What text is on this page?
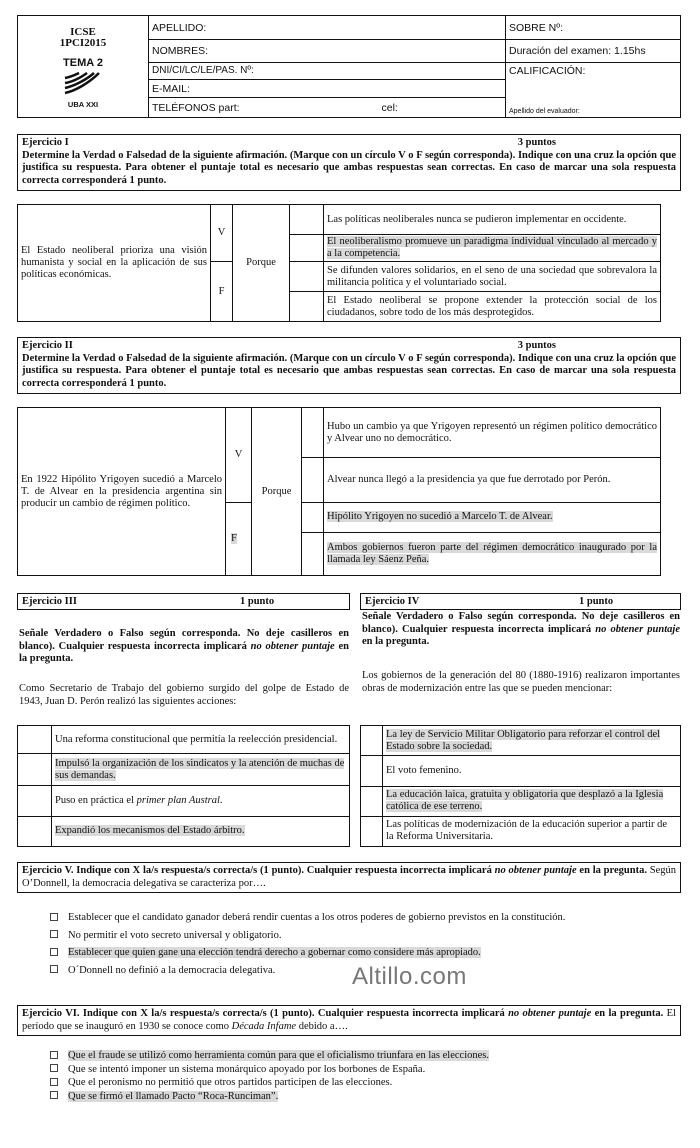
ICSE
1PCI2015
TEMA 2
UBA XXI	APELLIDO:		SOBRE Nº:
	NOMBRES:		Duración del examen: 1.15hs
	DNI/CI/LC/LE/PAS. Nº:		CALIFICACIÓN:
Apellido del evaluador:

	E-MAIL:		
	TELÉFONOS part:	cel:	
Ejercicio I	3 puntos
Determine la Verdad o Falsedad de la siguiente afirmación. (Marque con un círculo V o F según corresponda). Indique con una cruz la opción que justifica su respuesta. Para obtener el puntaje total es necesario que ambas respuestas sean correctas. En caso de marcar una sola respuesta correcta corresponderá 1 punto.
El Estado neoliberal prioriza una visión humanista y social en la aplicación de sus políticas económicas.	V	Porque		Las políticas neoliberales nunca se pudieron implementar en occidente.
				El neoliberalismo promueve un paradigma individual vinculado al mercado y a la competencia.
	F			Se difunden valores solidarios, en el seno de una sociedad que sobrevalora la militancia política y el voluntariado social.
				El Estado neoliberal se propone extender la protección social de los ciudadanos, sobre todo de los más desprotegidos.
Ejercicio II	3 puntos
Determine la Verdad o Falsedad de la siguiente afirmación. (Marque con un círculo V o F según corresponda). Indique con una cruz la opción que justifica su respuesta. Para obtener el puntaje total es necesario que ambas respuestas sean correctas. En caso de marcar una sola respuesta correcta corresponderá 1 punto.
En 1922 Hipólito Yrigoyen sucedió a Marcelo T. de Alvear en la presidencia argentina sin producir un cambio de régimen político.	V	Porque		Hubo un cambio ya que Yrigoyen representó un régimen político democrático y Alvear uno no democrático.
				Alvear nunca llegó a la presidencia ya que fue derrotado por Perón.
	F			Hipólito Yrigoyen no sucedió a Marcelo T. de Alvear.
				Ambos gobiernos fueron parte del régimen democrático inaugurado por la llamada ley Sáenz Peña.
Ejercicio III	1 punto
Señale Verdadero o Falso según corresponda. No deje casilleros en blanco). Cualquier respuesta incorrecta implicará no obtener puntaje en la pregunta.
Como Secretario de Trabajo del gobierno surgido del golpe de Estado de 1943, Juan D. Perón realizó las siguientes acciones:
	Una reforma constitucional que permitía la reelección presidencial.
	Impulsó la organización de los sindicatos y la atención de muchas de sus demandas.
	Puso en práctica el primer plan Austral.
	Expandió los mecanismos del Estado árbitro.
Ejercicio IV	1 punto
Señale Verdadero o Falso según corresponda. No deje casilleros en blanco). Cualquier respuesta incorrecta implicará no obtener puntaje en la pregunta.
Los gobiernos de la generación del 80 (1880-1916) realizaron importantes obras de modernización entre las que se pueden mencionar:
	La ley de Servicio Militar Obligatorio para reforzar el control del Estado sobre la sociedad.
	El voto femenino.
	La educación laica, gratuita y obligatoria que desplazó a la Iglesia católica de ese terreno.
	Las políticas de modernización de la educación superior a partir de la Reforma Universitaria.
Ejercicio V. Indique con X la/s respuesta/s correcta/s (1 punto). Cualquier respuesta incorrecta implicará no obtener puntaje en la pregunta. Según O’Donnell, la democracia delegativa se caracteriza por….
Establecer que el candidato ganador deberá rendir cuentas a los otros poderes de gobierno previstos en la constitución.
No permitir el voto secreto universal y obligatorio.
Establecer que quien gane una elección tendrá derecho a gobernar como considere más apropiado.
O´Donnell no definió a la democracia delegativa.	Altillo.com
Ejercicio VI. Indique con X la/s respuesta/s correcta/s (1 punto). Cualquier respuesta incorrecta implicará no obtener puntaje en la pregunta. El período que se inauguró en 1930 se conoce como Década Infame debido a….
Que el fraude se utilizó como herramienta común para que el oficialismo triunfara en las elecciones.
Que se intentó imponer un sistema monárquico apoyado por los borbones de España.
Que el peronismo no permitió que otros partidos participen de las elecciones.
Que se firmó el llamado Pacto “Roca-Runciman”.
